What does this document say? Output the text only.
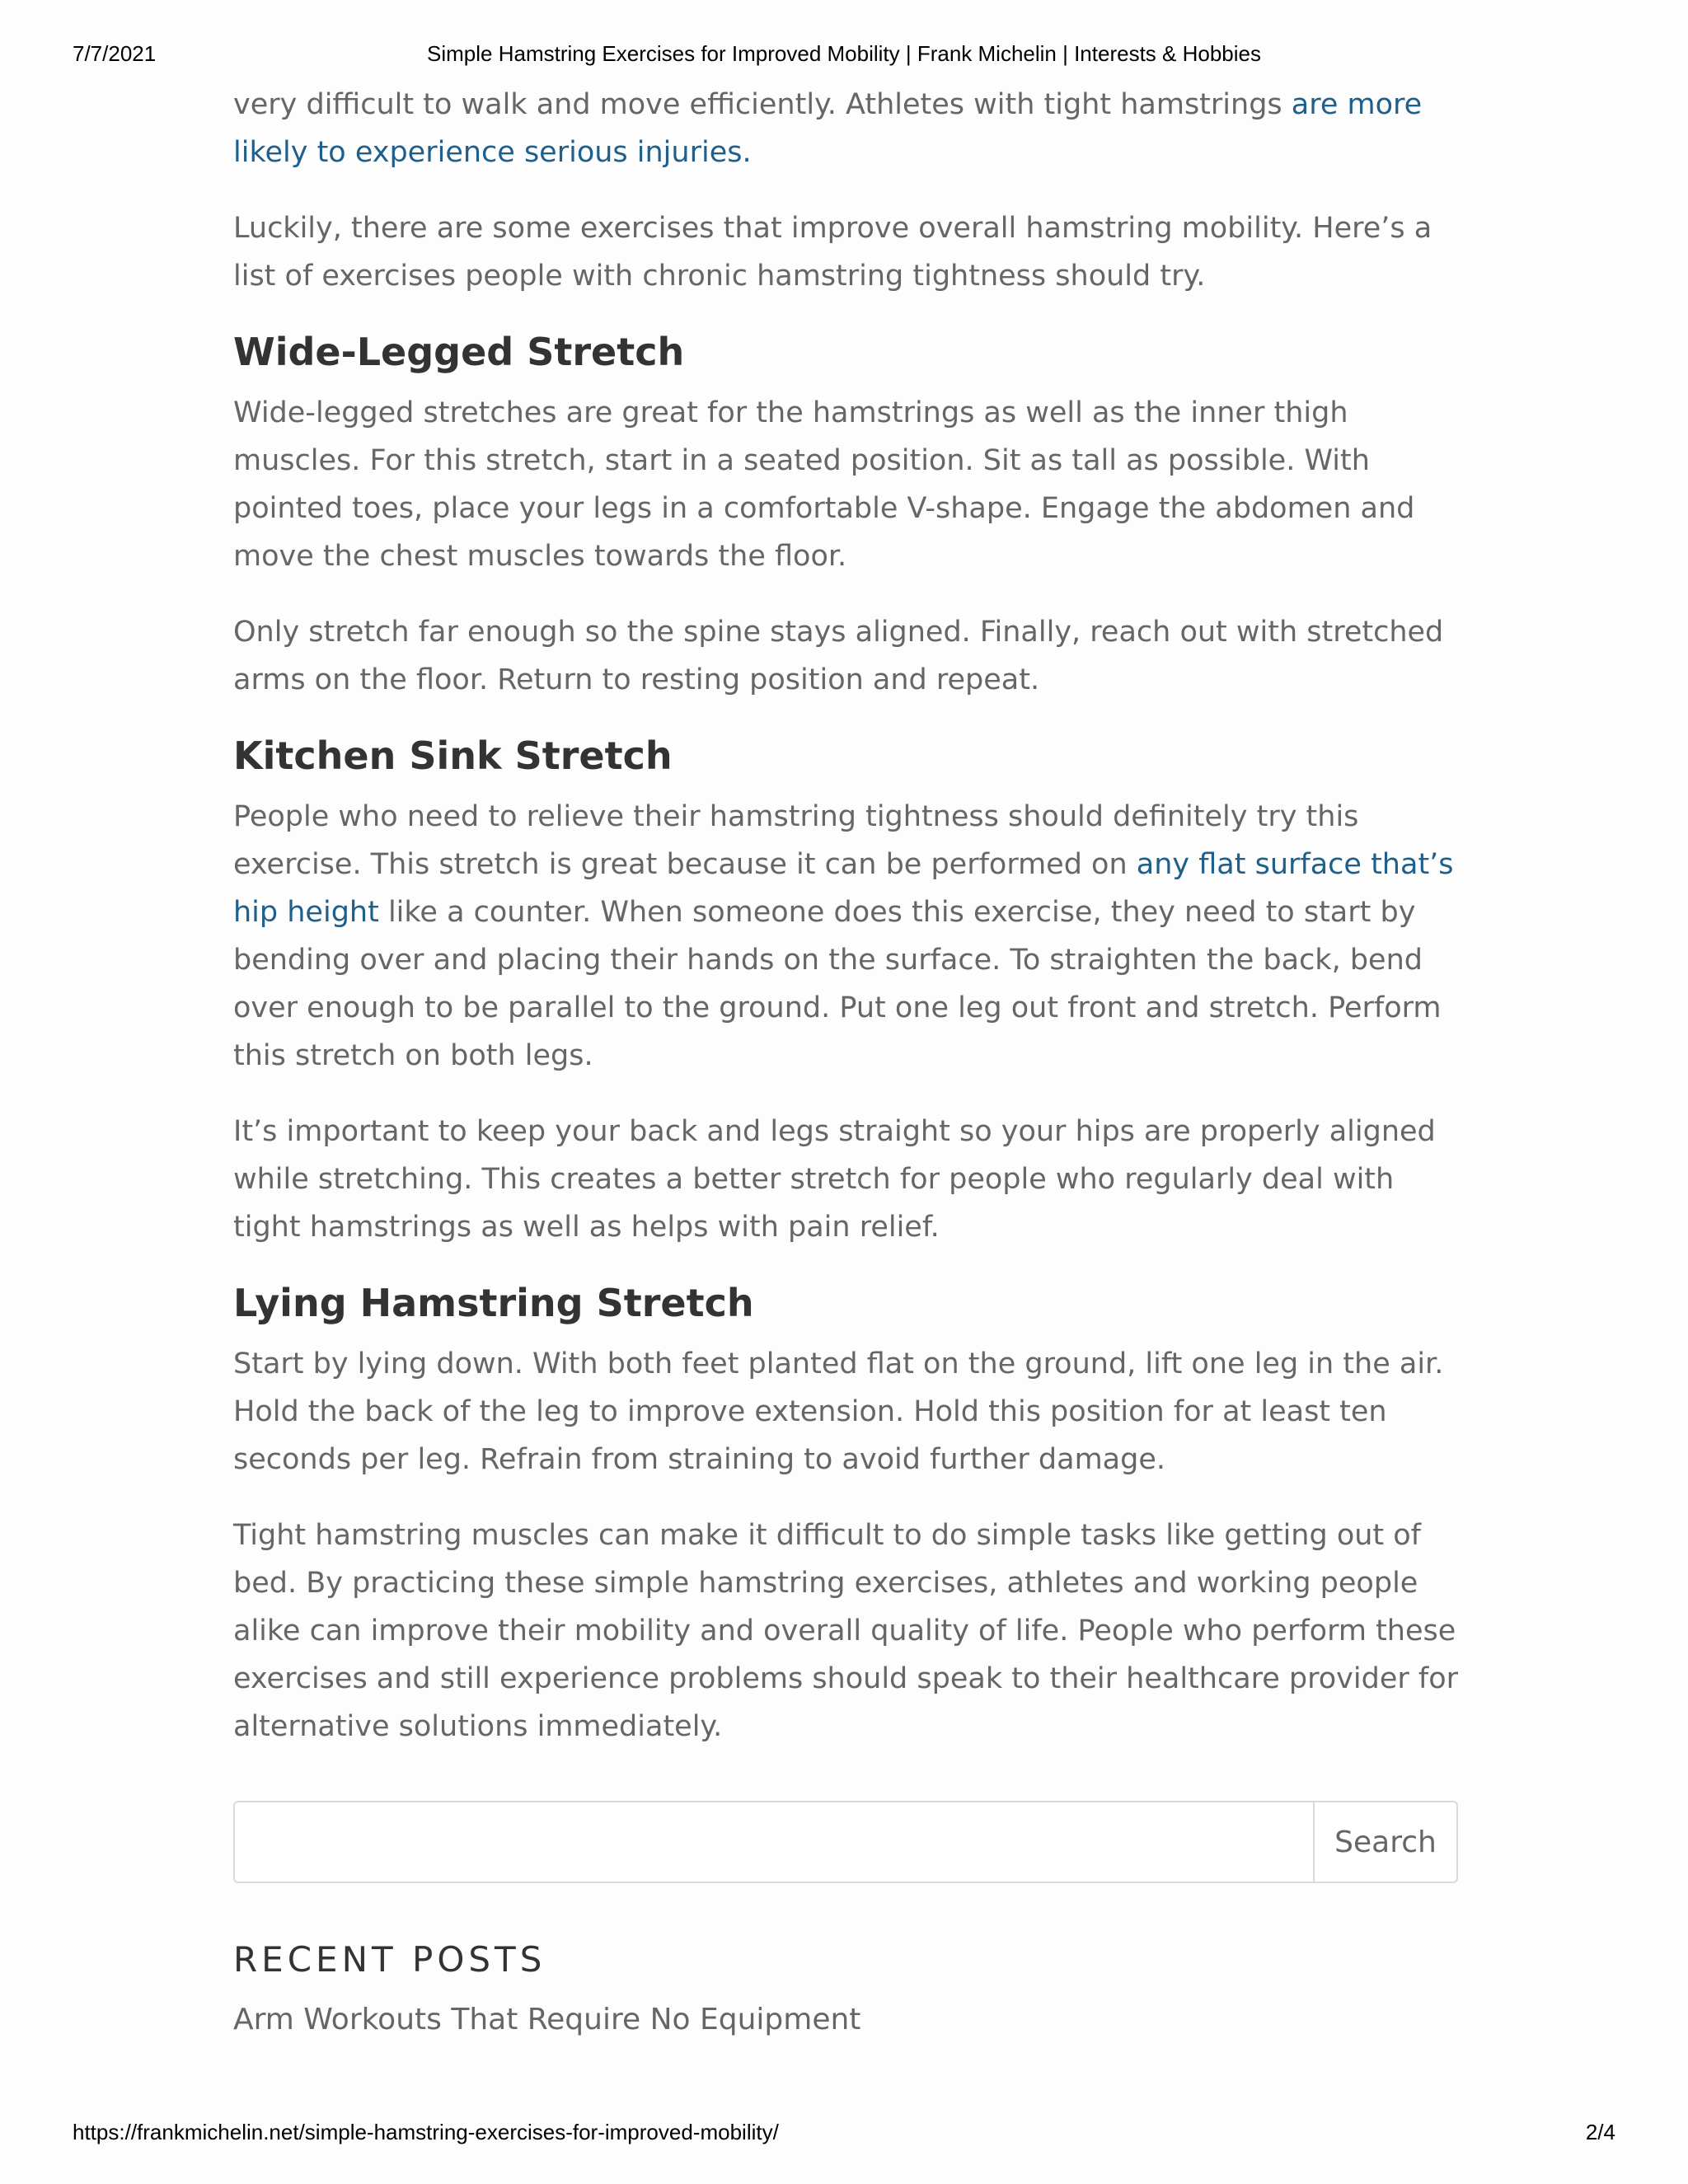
7/7/2021	Simple Hamstring Exercises for Improved Mobility | Frank Michelin | Interests & Hobbies

very difficult to walk and move efficiently. Athletes with tight hamstrings are more likely to experience serious injuries.

Luckily, there are some exercises that improve overall hamstring mobility. Here’s a list of exercises people with chronic hamstring tightness should try.

Wide-Legged Stretch

Wide-legged stretches are great for the hamstrings as well as the inner thigh muscles. For this stretch, start in a seated position. Sit as tall as possible. With pointed toes, place your legs in a comfortable V-shape. Engage the abdomen and move the chest muscles towards the floor.

Only stretch far enough so the spine stays aligned. Finally, reach out with stretched arms on the floor. Return to resting position and repeat.

Kitchen Sink Stretch

People who need to relieve their hamstring tightness should definitely try this exercise. This stretch is great because it can be performed on any flat surface that’s hip height like a counter. When someone does this exercise, they need to start by bending over and placing their hands on the surface. To straighten the back, bend over enough to be parallel to the ground. Put one leg out front and stretch. Perform this stretch on both legs.

It’s important to keep your back and legs straight so your hips are properly aligned while stretching. This creates a better stretch for people who regularly deal with tight hamstrings as well as helps with pain relief.

Lying Hamstring Stretch

Start by lying down. With both feet planted flat on the ground, lift one leg in the air. Hold the back of the leg to improve extension. Hold this position for at least ten seconds per leg. Refrain from straining to avoid further damage.

Tight hamstring muscles can make it difficult to do simple tasks like getting out of bed. By practicing these simple hamstring exercises, athletes and working people alike can improve their mobility and overall quality of life. People who perform these exercises and still experience problems should speak to their healthcare provider for alternative solutions immediately.

Search
RECENT POSTS
Arm Workouts That Require No Equipment
https://frankmichelin.net/simple-hamstring-exercises-for-improved-mobility/	2/4
